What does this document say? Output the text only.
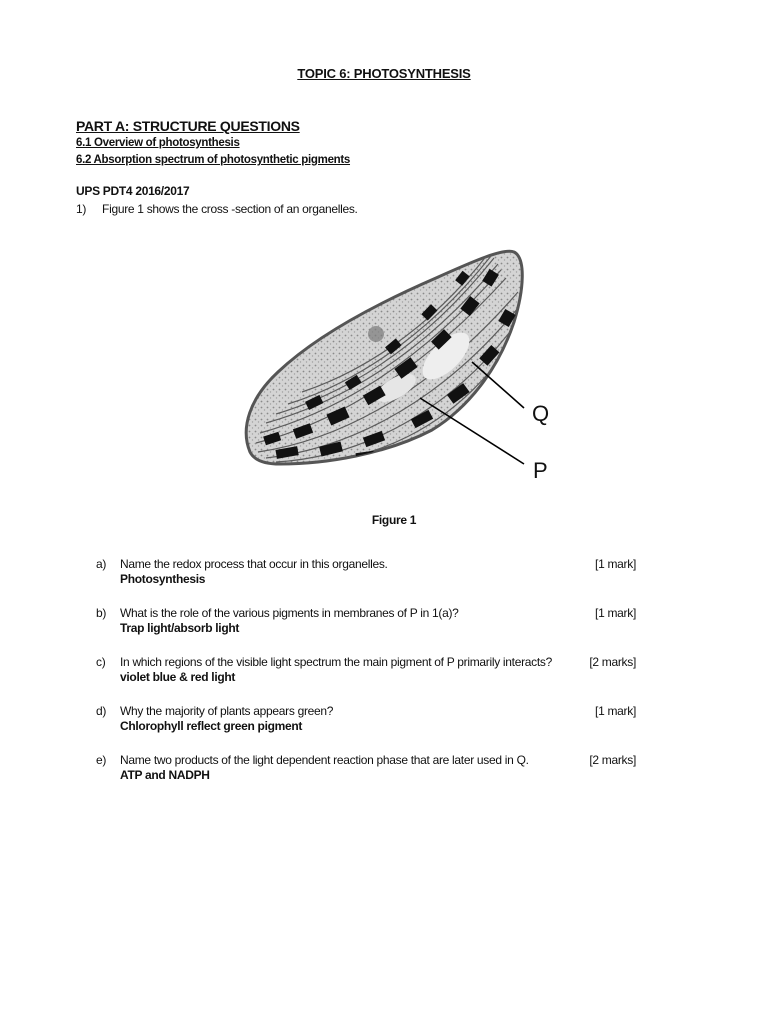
TOPIC 6: PHOTOSYNTHESIS
PART A: STRUCTURE QUESTIONS
6.1 Overview of photosynthesis
6.2 Absorption spectrum of photosynthetic pigments
UPS PDT4 2016/2017
1) Figure 1 shows the cross -section of an organelles.
Q
P
Figure 1
a) Name the redox process that occur in this organelles.	[1 mark]
Photosynthesis
b) What is the role of the various pigments in membranes of P in 1(a)?	[1 mark]
Trap light/absorb light
c) In which regions of the visible light spectrum the main pigment of P primarily interacts?	[2 marks]
violet blue & red light
d) Why the majority of plants appears green?	[1 mark]
Chlorophyll reflect green pigment
e) Name two products of the light dependent reaction phase that are later used in Q.	[2 marks]
ATP and NADPH
